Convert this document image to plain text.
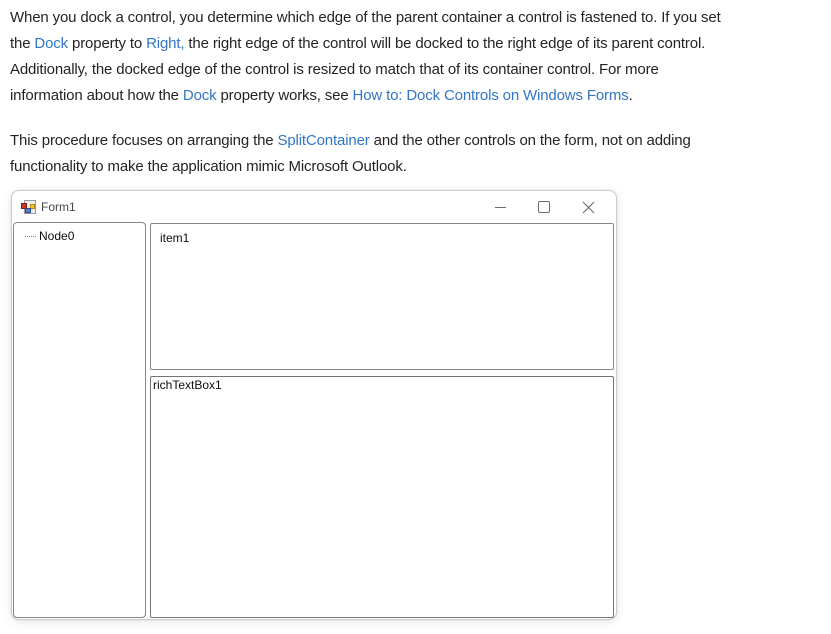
When you dock a control, you determine which edge of the parent container a control is fastened to. If you set
the Dock property to Right, the right edge of the control will be docked to the right edge of its parent control.
Additionally, the docked edge of the control is resized to match that of its container control. For more
information about how the Dock property works, see How to: Dock Controls on Windows Forms.
This procedure focuses on arranging the SplitContainer and the other controls on the form, not on adding
functionality to make the application mimic Microsoft Outlook.
Form1
Node0	item1
richTextBox1
